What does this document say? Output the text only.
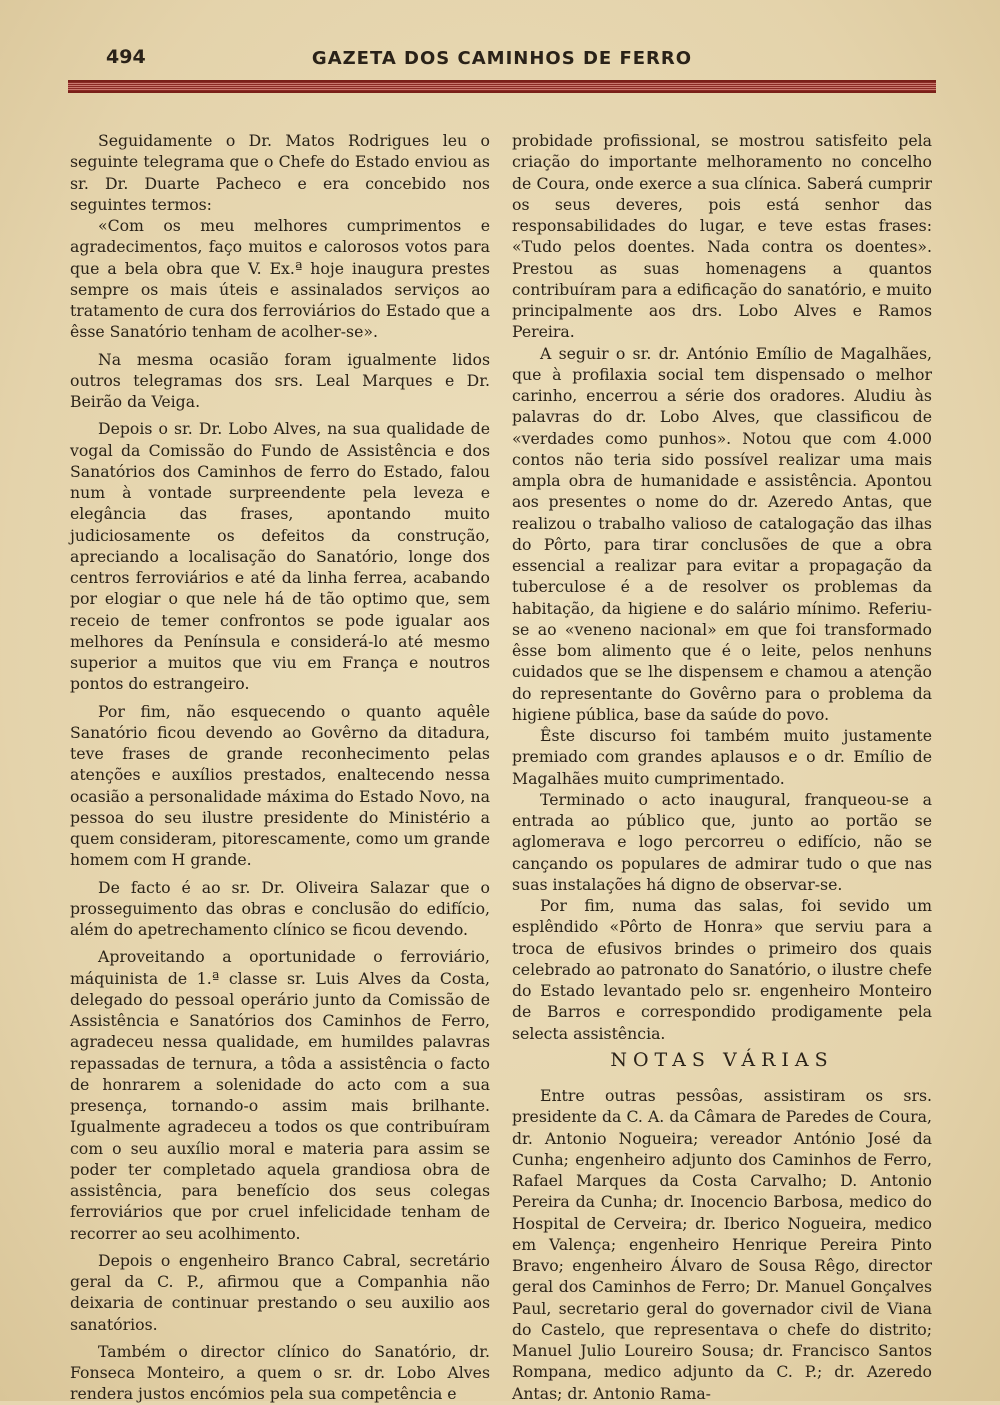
494	GAZETA DOS CAMINHOS DE FERRO

Seguidamente o Dr. Matos Rodrigues leu o seguinte telegrama que o Chefe do Estado enviou as sr. Dr. Duarte Pacheco e era concebido nos seguintes termos:

«Com os meu melhores cumprimentos e agradecimentos, faço muitos e calorosos votos para que a bela obra que V. Ex.ª hoje inaugura prestes sempre os mais úteis e assinalados serviços ao tratamento de cura dos ferroviários do Estado que a êsse Sanatório tenham de acolher-se».

Na mesma ocasião foram igualmente lidos outros telegramas dos srs. Leal Marques e Dr. Beirão da Veiga.

Depois o sr. Dr. Lobo Alves, na sua qualidade de vogal da Comissão do Fundo de Assistência e dos Sanatórios dos Caminhos de ferro do Estado, falou num à vontade surpreendente pela leveza e elegância das frases, apontando muito judiciosamente os defeitos da construção, apreciando a localisação do Sanatório, longe dos centros ferroviários e até da linha ferrea, acabando por elogiar o que nele há de tão optimo que, sem receio de temer confrontos se pode igualar aos melhores da Península e considerá-lo até mesmo superior a muitos que viu em França e noutros pontos do estrangeiro.

Por fim, não esquecendo o quanto aquêle Sanatório ficou devendo ao Govêrno da ditadura, teve frases de grande reconhecimento pelas atenções e auxílios prestados, enaltecendo nessa ocasião a personalidade máxima do Estado Novo, na pessoa do seu ilustre presidente do Ministério a quem consideram, pitorescamente, como um grande homem com H grande.

De facto é ao sr. Dr. Oliveira Salazar que o prosseguimento das obras e conclusão do edifício, além do apetrechamento clínico se ficou devendo.

Aproveitando a oportunidade o ferroviário, máquinista de 1.ª classe sr. Luis Alves da Costa, delegado do pessoal operário junto da Comissão de Assistência e Sanatórios dos Caminhos de Ferro, agradeceu nessa qualidade, em humildes palavras repassadas de ternura, a tôda a assistência o facto de honrarem a solenidade do acto com a sua presença, tornando-o assim mais brilhante. Igualmente agradeceu a todos os que contribuíram com o seu auxílio moral e materia para assim se poder ter completado aquela grandiosa obra de assistência, para benefício dos seus colegas ferroviários que por cruel infelicidade tenham de recorrer ao seu acolhimento.

Depois o engenheiro Branco Cabral, secretário geral da C. P., afirmou que a Companhia não deixaria de continuar prestando o seu auxilio aos sanatórios.

Também o director clínico do Sanatório, dr. Fonseca Monteiro, a quem o sr. dr. Lobo Alves rendera justos encómios pela sua competência e

probidade profissional, se mostrou satisfeito pela criação do importante melhoramento no concelho de Coura, onde exerce a sua clínica. Saberá cumprir os seus deveres, pois está senhor das responsabilidades do lugar, e teve estas frases: «Tudo pelos doentes. Nada contra os doentes». Prestou as suas homenagens a quantos contribuíram para a edificação do sanatório, e muito principalmente aos drs. Lobo Alves e Ramos Pereira.

A seguir o sr. dr. António Emílio de Magalhães, que à profilaxia social tem dispensado o melhor carinho, encerrou a série dos oradores. Aludiu às palavras do dr. Lobo Alves, que classificou de «verdades como punhos». Notou que com 4.000 contos não teria sido possível realizar uma mais ampla obra de humanidade e assistência. Apontou aos presentes o nome do dr. Azeredo Antas, que realizou o trabalho valioso de catalogação das ilhas do Pôrto, para tirar conclusões de que a obra essencial a realizar para evitar a propagação da tuberculose é a de resolver os problemas da habitação, da higiene e do salário mínimo. Referiu-se ao «veneno nacional» em que foi transformado êsse bom alimento que é o leite, pelos nenhuns cuidados que se lhe dispensem e chamou a atenção do representante do Govêrno para o problema da higiene pública, base da saúde do povo.

Êste discurso foi também muito justamente premiado com grandes aplausos e o dr. Emílio de Magalhães muito cumprimentado.

Terminado o acto inaugural, franqueou-se a entrada ao público que, junto ao portão se aglomerava e logo percorreu o edifício, não se cançando os populares de admirar tudo o que nas suas instalações há digno de observar-se.

Por fim, numa das salas, foi sevido um esplêndido «Pôrto de Honra» que serviu para a troca de efusivos brindes o primeiro dos quais celebrado ao patronato do Sanatório, o ilustre chefe do Estado levantado pelo sr. engenheiro Monteiro de Barros e correspondido prodigamente pela selecta assistência.

NOTAS VÁRIAS

Entre outras pessôas, assistiram os srs. presidente da C. A. da Câmara de Paredes de Coura, dr. Antonio Nogueira; vereador António José da Cunha; engenheiro adjunto dos Caminhos de Ferro, Rafael Marques da Costa Carvalho; D. Antonio Pereira da Cunha; dr. Inocencio Barbosa, medico do Hospital de Cerveira; dr. Iberico Nogueira, medico em Valença; engenheiro Henrique Pereira Pinto Bravo; engenheiro Álvaro de Sousa Rêgo, director geral dos Caminhos de Ferro; Dr. Manuel Gonçalves Paul, secretario geral do governador civil de Viana do Castelo, que representava o chefe do distrito; Manuel Julio Loureiro Sousa; dr. Francisco Santos Rompana, medico adjunto da C. P.; dr. Azeredo Antas; dr. Antonio Rama-
